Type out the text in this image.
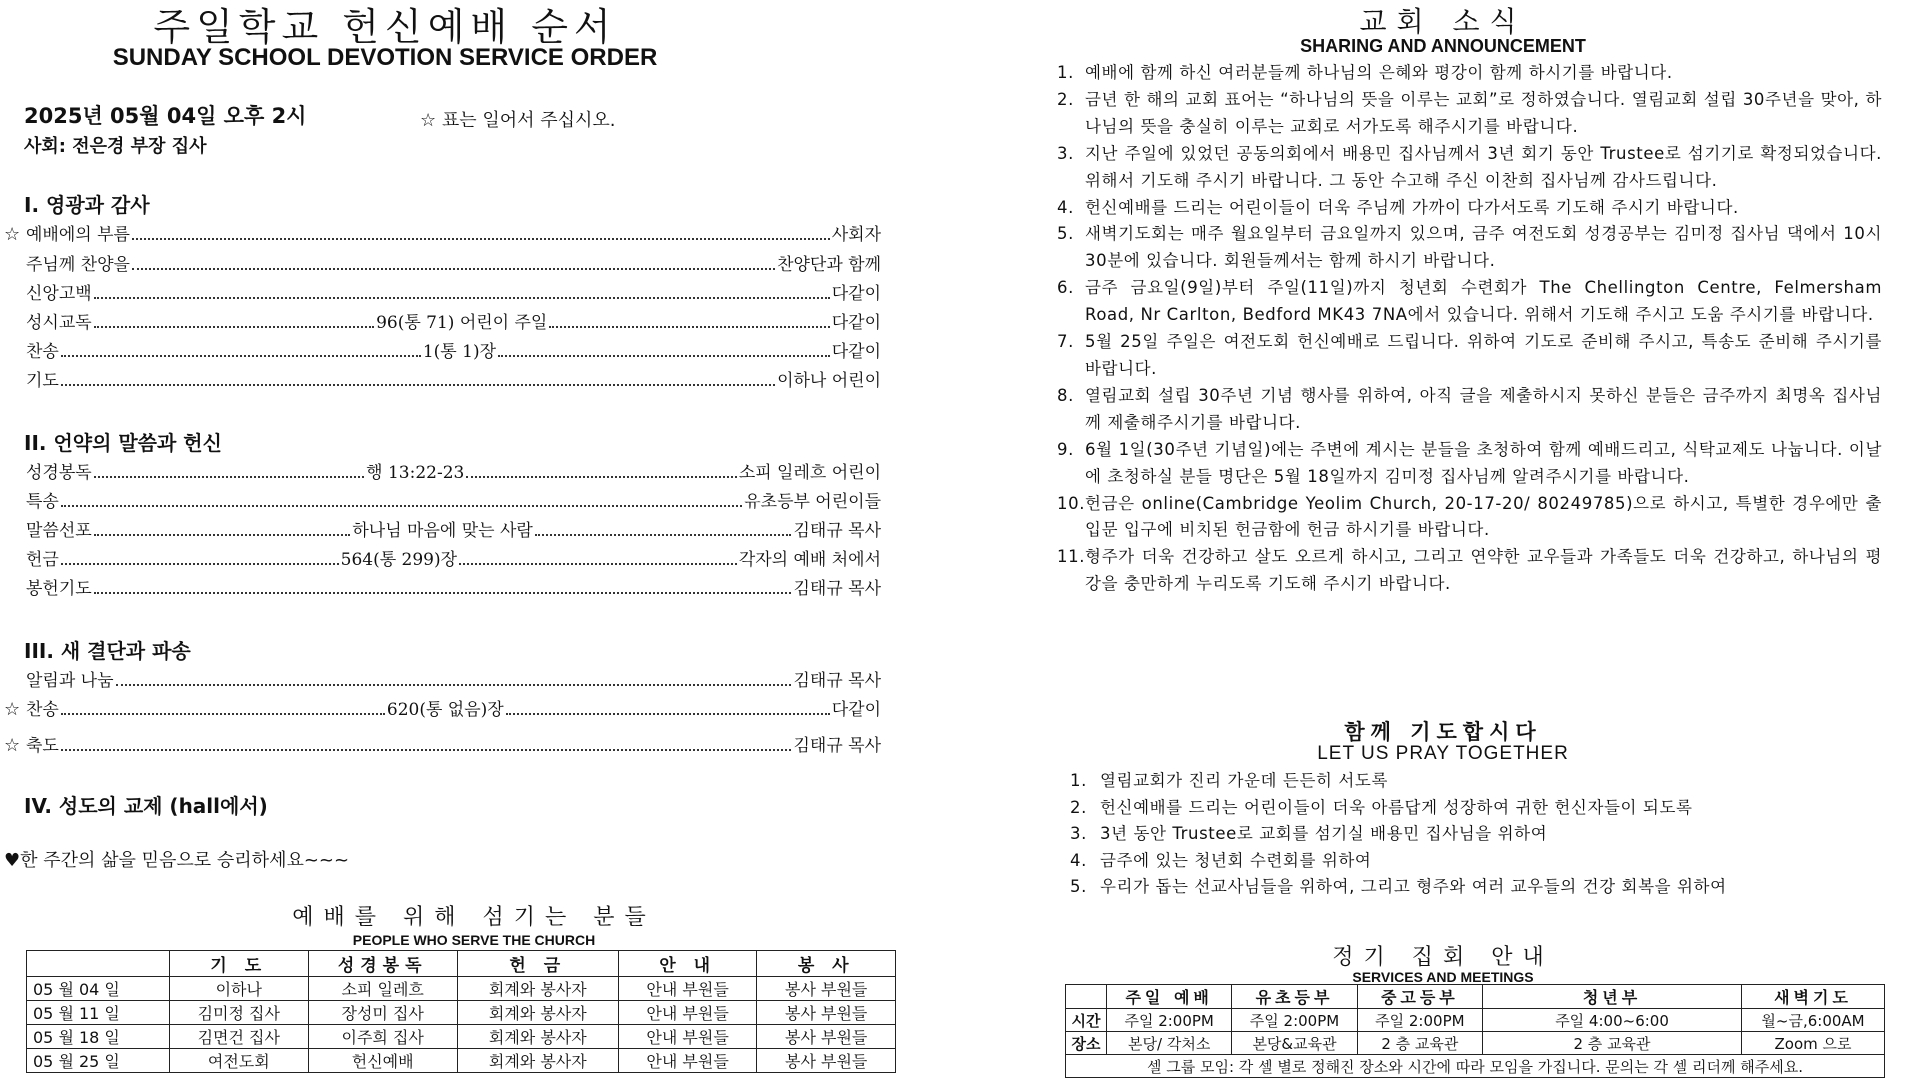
주일학교 헌신예배 순서
SUNDAY SCHOOL DEVOTION SERVICE ORDER
2025년 05월 04일 오후 2시
사회: 전은경 부장 집사
☆ 표는 일어서 주십시오.
I. 영광과 감사
☆ 예배에의 부름	사회자
주님께 찬양을	찬양단과 함께
신앙고백	다같이
성시교독	96(통 71) 어린이 주일	다같이
찬송	1(통 1)장	다같이
기도	이하나 어린이
II. 언약의 말씀과 헌신
성경봉독	행 13:22-23	소피 일레흐 어린이
특송	유초등부 어린이들
말씀선포	하나님 마음에 맞는 사람	김태규 목사
헌금	564(통 299)장	각자의 예배 처에서
봉헌기도	김태규 목사
III. 새 결단과 파송
알림과 나눔	김태규 목사
☆ 찬송	620(통 없음)장	다같이
☆ 축도	김태규 목사
IV. 성도의 교제 (hall에서)
♥한 주간의 삶을 믿음으로 승리하세요~~~
예배를 위해 섬기는 분들
PEOPLE WHO SERVE THE CHURCH
	기 도	성경봉독	헌 금	안 내	봉 사
05 월 04 일	이하나	소피 일레흐	회계와 봉사자	안내 부원들	봉사 부원들
05 월 11 일	김미정 집사	장성미 집사	회계와 봉사자	안내 부원들	봉사 부원들
05 월 18 일	김면건 집사	이주희 집사	회계와 봉사자	안내 부원들	봉사 부원들
05 월 25 일	여전도회	헌신예배	회계와 봉사자	안내 부원들	봉사 부원들
교회 소식
SHARING AND ANNOUNCEMENT
1. 예배에 함께 하신 여러분들께 하나님의 은혜와 평강이 함께 하시기를 바랍니다.
2. 금년 한 해의 교회 표어는 “하나님의 뜻을 이루는 교회”로 정하였습니다. 열림교회 설립 30주년을 맞아, 하나님의 뜻을 충실히 이루는 교회로 서가도록 해주시기를 바랍니다.
3. 지난 주일에 있었던 공동의회에서 배용민 집사님께서 3년 회기 동안 Trustee로 섬기기로 확정되었습니다. 위해서 기도해 주시기 바랍니다. 그 동안 수고해 주신 이찬희 집사님께 감사드립니다.
4. 헌신예배를 드리는 어린이들이 더욱 주님께 가까이 다가서도록 기도해 주시기 바랍니다.
5. 새벽기도회는 매주 월요일부터 금요일까지 있으며, 금주 여전도회 성경공부는 김미정 집사님 댁에서 10시 30분에 있습니다. 회원들께서는 함께 하시기 바랍니다.
6. 금주 금요일(9일)부터 주일(11일)까지 청년회 수련회가 The Chellington Centre, Felmersham Road, Nr Carlton, Bedford MK43 7NA에서 있습니다. 위해서 기도해 주시고 도움 주시기를 바랍니다.
7. 5월 25일 주일은 여전도회 헌신예배로 드립니다. 위하여 기도로 준비해 주시고, 특송도 준비해 주시기를 바랍니다.
8. 열림교회 설립 30주년 기념 행사를 위하여, 아직 글을 제출하시지 못하신 분들은 금주까지 최명옥 집사님께 제출해주시기를 바랍니다.
9. 6월 1일(30주년 기념일)에는 주변에 계시는 분들을 초청하여 함께 예배드리고, 식탁교제도 나눕니다. 이날에 초청하실 분들 명단은 5월 18일까지 김미정 집사님께 알려주시기를 바랍니다.
10. 헌금은 online(Cambridge Yeolim Church, 20-17-20/ 80249785)으로 하시고, 특별한 경우에만 출입문 입구에 비치된 헌금함에 헌금 하시기를 바랍니다.
11. 형주가 더욱 건강하고 살도 오르게 하시고, 그리고 연약한 교우들과 가족들도 더욱 건강하고, 하나님의 평강을 충만하게 누리도록 기도해 주시기 바랍니다.
함께 기도합시다
LET US PRAY TOGETHER
1. 열림교회가 진리 가운데 든든히 서도록
2. 헌신예배를 드리는 어린이들이 더욱 아름답게 성장하여 귀한 헌신자들이 되도록
3. 3년 동안 Trustee로 교회를 섬기실 배용민 집사님을 위하여
4. 금주에 있는 청년회 수련회를 위하여
5. 우리가 돕는 선교사님들을 위하여, 그리고 형주와 여러 교우들의 건강 회복을 위하여
정기 집회 안내
SERVICES AND MEETINGS
	주일 예배	유초등부	중고등부	청년부	새벽기도
시간	주일 2:00PM	주일 2:00PM	주일 2:00PM	주일 4:00~6:00	월~금,6:00AM
장소	본당/ 각처소	본당&교육관	2 층 교육관	2 층 교육관	Zoom 으로
셀 그룹 모임: 각 셀 별로 정해진 장소와 시간에 따라 모임을 가집니다. 문의는 각 셀 리더께 해주세요.					
